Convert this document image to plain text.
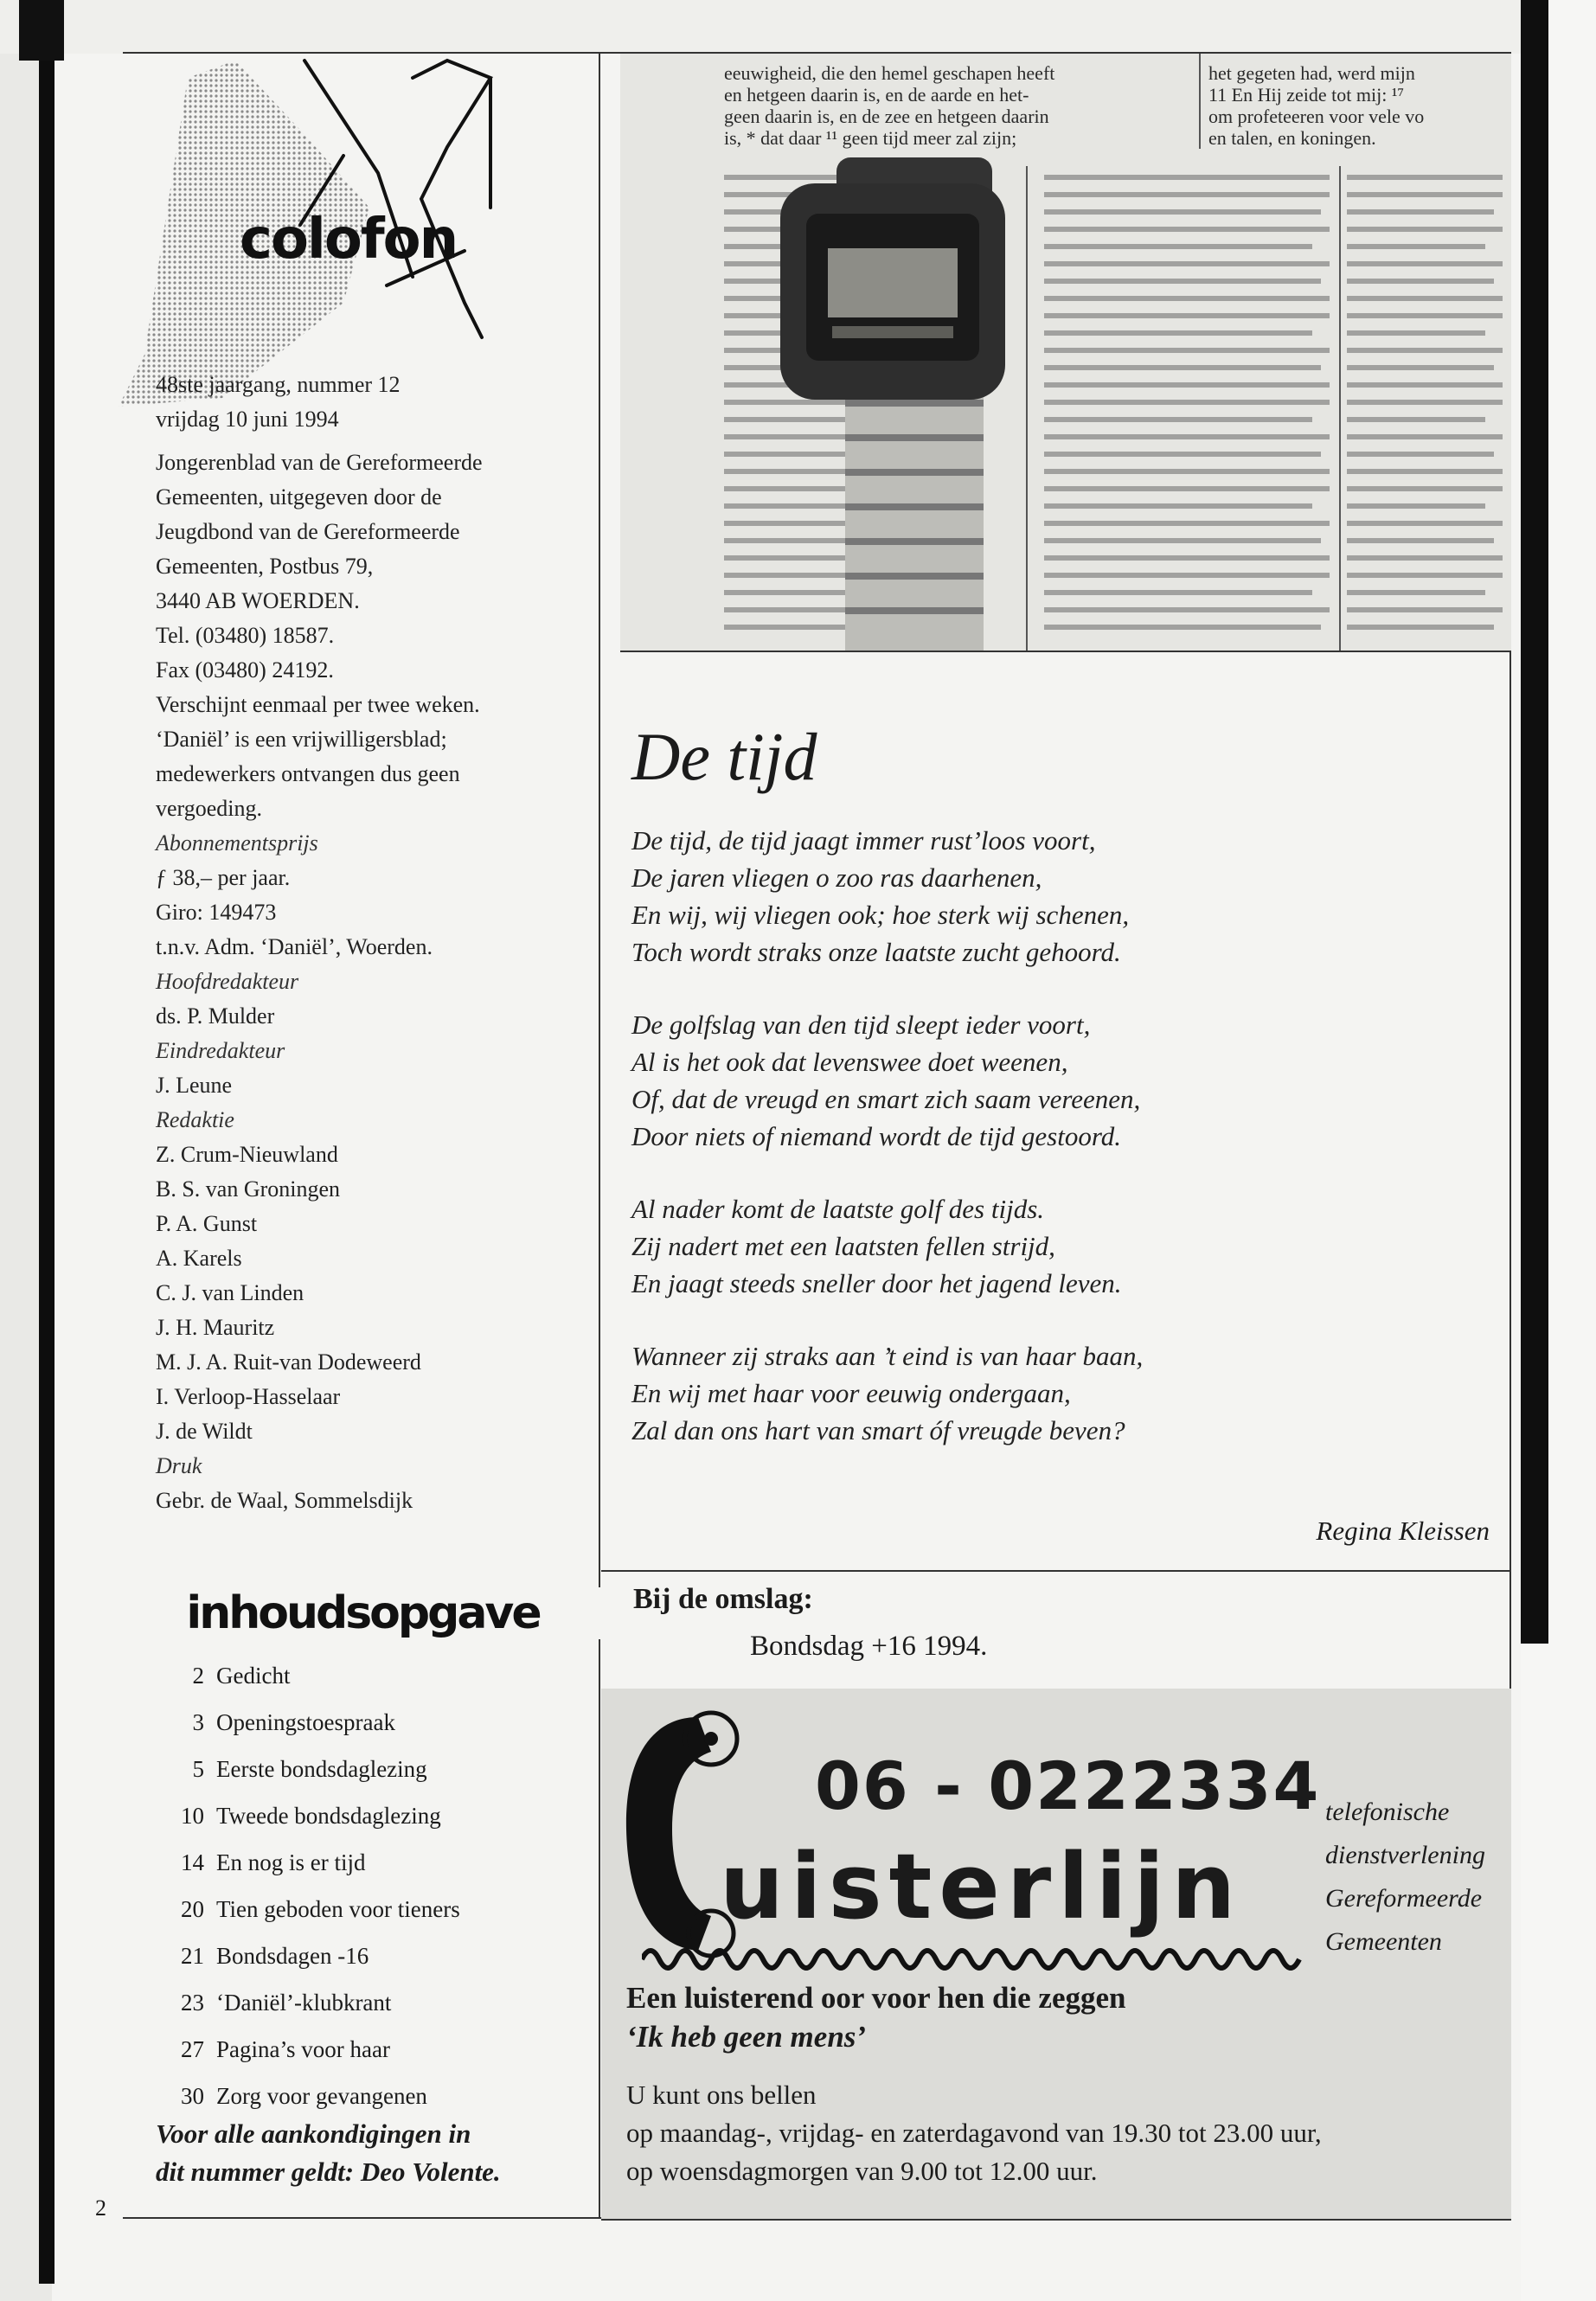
colofon

48ste jaargang, nummer 12

vrijdag 10 juni 1994

Jongerenblad van de Gereformeerde

Gemeenten, uitgegeven door de

Jeugdbond van de Gereformeerde

Gemeenten, Postbus 79,

3440 AB WOERDEN.

Tel. (03480) 18587.

Fax (03480) 24192.

Verschijnt eenmaal per twee weken.

‘Daniël’ is een vrijwilligersblad;

medewerkers ontvangen dus geen

vergoeding.

Abonnementsprijs

ƒ 38,– per jaar.

Giro: 149473

t.n.v. Adm. ‘Daniël’, Woerden.

Hoofdredakteur

ds. P. Mulder

Eindredakteur

J. Leune

Redaktie

Z. Crum-Nieuwland

B. S. van Groningen

P. A. Gunst

A. Karels

C. J. van Linden

J. H. Mauritz

M. J. A. Ruit-van Dodeweerd

I. Verloop-Hasselaar

J. de Wildt

Druk

Gebr. de Waal, Sommelsdijk

inhoudsopgave
2 Gedicht
3 Openingstoespraak
5 Eerste bondsdaglezing
10 Tweede bondsdaglezing
14 En nog is er tijd
20 Tien geboden voor tieners
21 Bondsdagen -16
23 ‘Daniël’-klubkrant
27 Pagina’s voor haar
30 Zorg voor gevangenen
Voor alle aankondigingen in
dit nummer geldt: Deo Volente.
2
eeuwigheid, die den hemel geschapen heeft
en hetgeen daarin is, en de aarde en het-
geen daarin is, en de zee en hetgeen daarin
is, * dat daar ¹¹ geen tijd meer zal zijn;
het gegeten had, werd mijn
11 En Hij zeide tot mij: ¹⁷
om profeteeren voor vele vo
en talen, en koningen.
De tijd

De tijd, de tijd jaagt immer rust’loos voort,
De jaren vliegen o zoo ras daarhenen,
En wij, wij vliegen ook; hoe sterk wij schenen,
Toch wordt straks onze laatste zucht gehoord.

De golfslag van den tijd sleept ieder voort,
Al is het ook dat levenswee doet weenen,
Of, dat de vreugd en smart zich saam vereenen,
Door niets of niemand wordt de tijd gestoord.

Al nader komt de laatste golf des tijds.
Zij nadert met een laatsten fellen strijd,
En jaagt steeds sneller door het jagend leven.

Wanneer zij straks aan ’t eind is van haar baan,
En wij met haar voor eeuwig ondergaan,
Zal dan ons hart van smart óf vreugde beven?

Regina Kleissen
Bij de omslag:
Bondsdag +16 1994.
06 - 0222334
uisterlijn
telefonische
dienstverlening
Gereformeerde
Gemeenten
Een luisterend oor voor hen die zeggen
‘Ik heb geen mens’
U kunt ons bellen
op maandag-, vrijdag- en zaterdagavond van 19.30 tot 23.00 uur,
op woensdagmorgen van 9.00 tot 12.00 uur.
